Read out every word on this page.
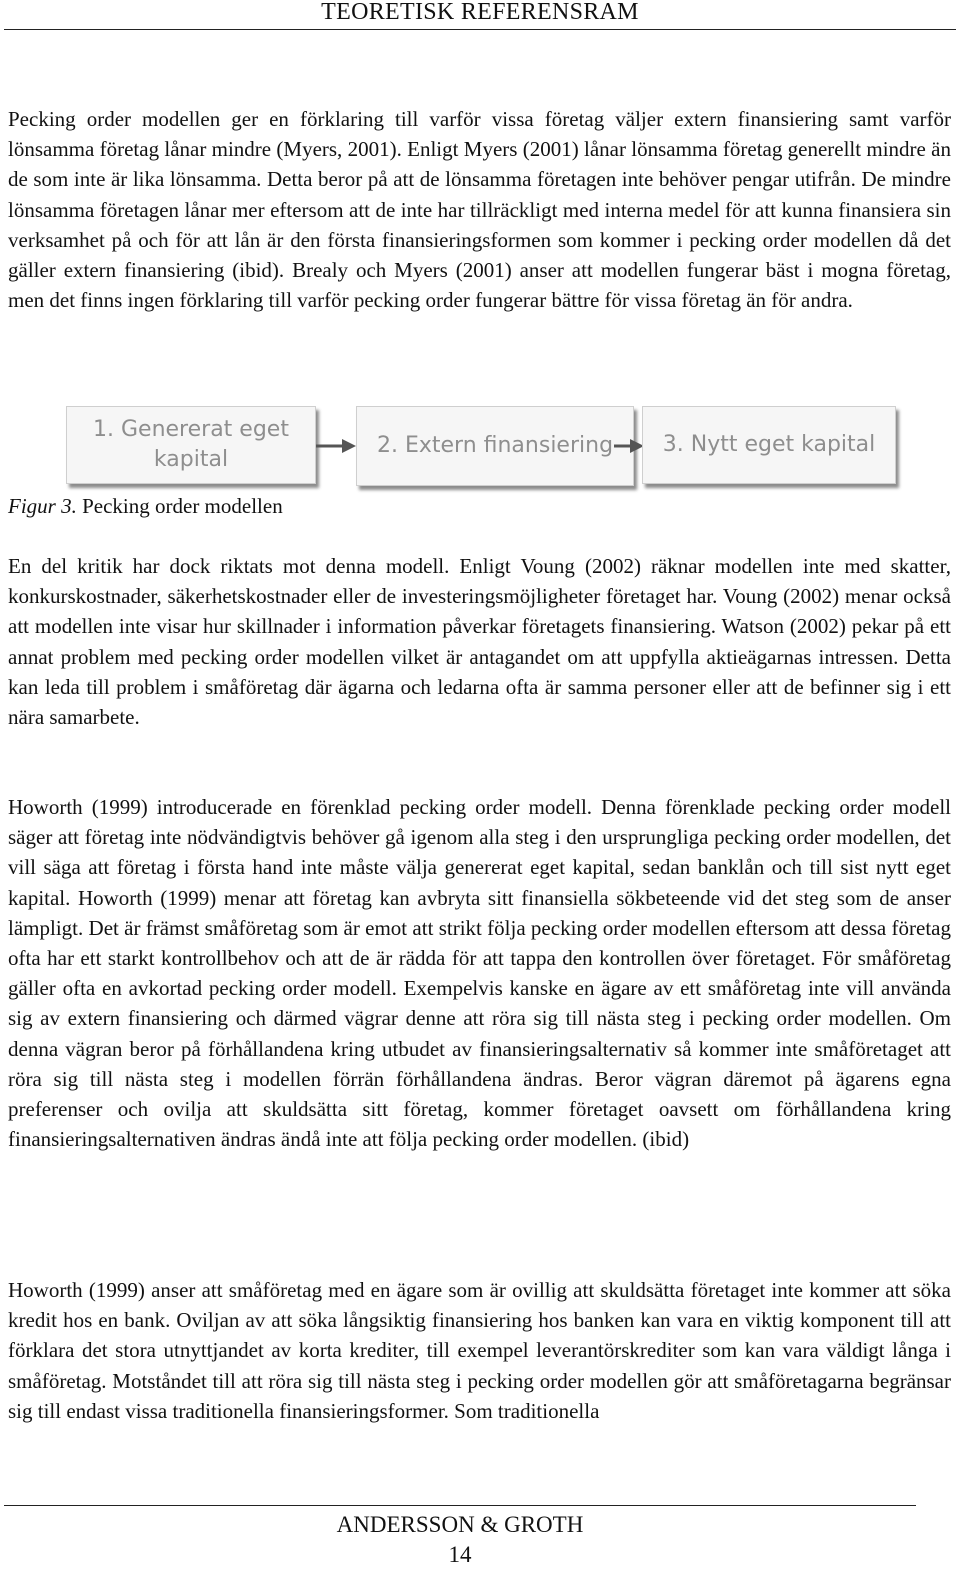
TEORETISK REFERENSRAM

Pecking order modellen ger en förklaring till varför vissa företag väljer extern finansiering samt varför lönsamma företag lånar mindre (Myers, 2001). Enligt Myers (2001) lånar lönsamma företag generellt mindre än de som inte är lika lönsamma. Detta beror på att de lönsamma företagen inte behöver pengar utifrån. De mindre lönsamma företagen lånar mer eftersom att de inte har tillräckligt med interna medel för att kunna finansiera sin verksamhet på och för att lån är den första finansieringsformen som kommer i pecking order modellen då det gäller extern finansiering (ibid). Brealy och Myers (2001) anser att modellen fungerar bäst i mogna företag, men det finns ingen förklaring till varför pecking order fungerar bättre för vissa företag än för andra.

1. Genererat eget
kapital
2. Extern finansiering 3. Nytt eget kapital
Figur 3. Pecking order modellen

En del kritik har dock riktats mot denna modell. Enligt Voung (2002) räknar modellen inte med skatter, konkurskostnader, säkerhetskostnader eller de investeringsmöjligheter företaget har. Voung (2002) menar också att modellen inte visar hur skillnader i information påverkar företagets finansiering. Watson (2002) pekar på ett annat problem med pecking order modellen vilket är antagandet om att uppfylla aktieägarnas intressen. Detta kan leda till problem i småföretag där ägarna och ledarna ofta är samma personer eller att de befinner sig i ett nära samarbete.

Howorth (1999) introducerade en förenklad pecking order modell. Denna förenklade pecking order modell säger att företag inte nödvändigtvis behöver gå igenom alla steg i den ursprungliga pecking order modellen, det vill säga att företag i första hand inte måste välja genererat eget kapital, sedan banklån och till sist nytt eget kapital. Howorth (1999) menar att företag kan avbryta sitt finansiella sökbeteende vid det steg som de anser lämpligt. Det är främst småföretag som är emot att strikt följa pecking order modellen eftersom att dessa företag ofta har ett starkt kontrollbehov och att de är rädda för att tappa den kontrollen över företaget. För småföretag gäller ofta en avkortad pecking order modell. Exempelvis kanske en ägare av ett småföretag inte vill använda sig av extern finansiering och därmed vägrar denne att röra sig till nästa steg i pecking order modellen. Om denna vägran beror på förhållandena kring utbudet av finansieringsalternativ så kommer inte småföretaget att röra sig till nästa steg i modellen förrän förhållandena ändras. Beror vägran däremot på ägarens egna preferenser och ovilja att skuldsätta sitt företag, kommer företaget oavsett om förhållandena kring finansieringsalternativen ändras ändå inte att följa pecking order modellen. (ibid)

Howorth (1999) anser att småföretag med en ägare som är ovillig att skuldsätta företaget inte kommer att söka kredit hos en bank. Oviljan av att söka långsiktig finansiering hos banken kan vara en viktig komponent till att förklara det stora utnyttjandet av korta krediter, till exempel leverantörskrediter som kan vara väldigt långa i småföretag. Motståndet till att röra sig till nästa steg i pecking order modellen gör att småföretagarna begränsar sig till endast vissa traditionella finansieringsformer. Som traditionella

ANDERSSON & GROTH
14
